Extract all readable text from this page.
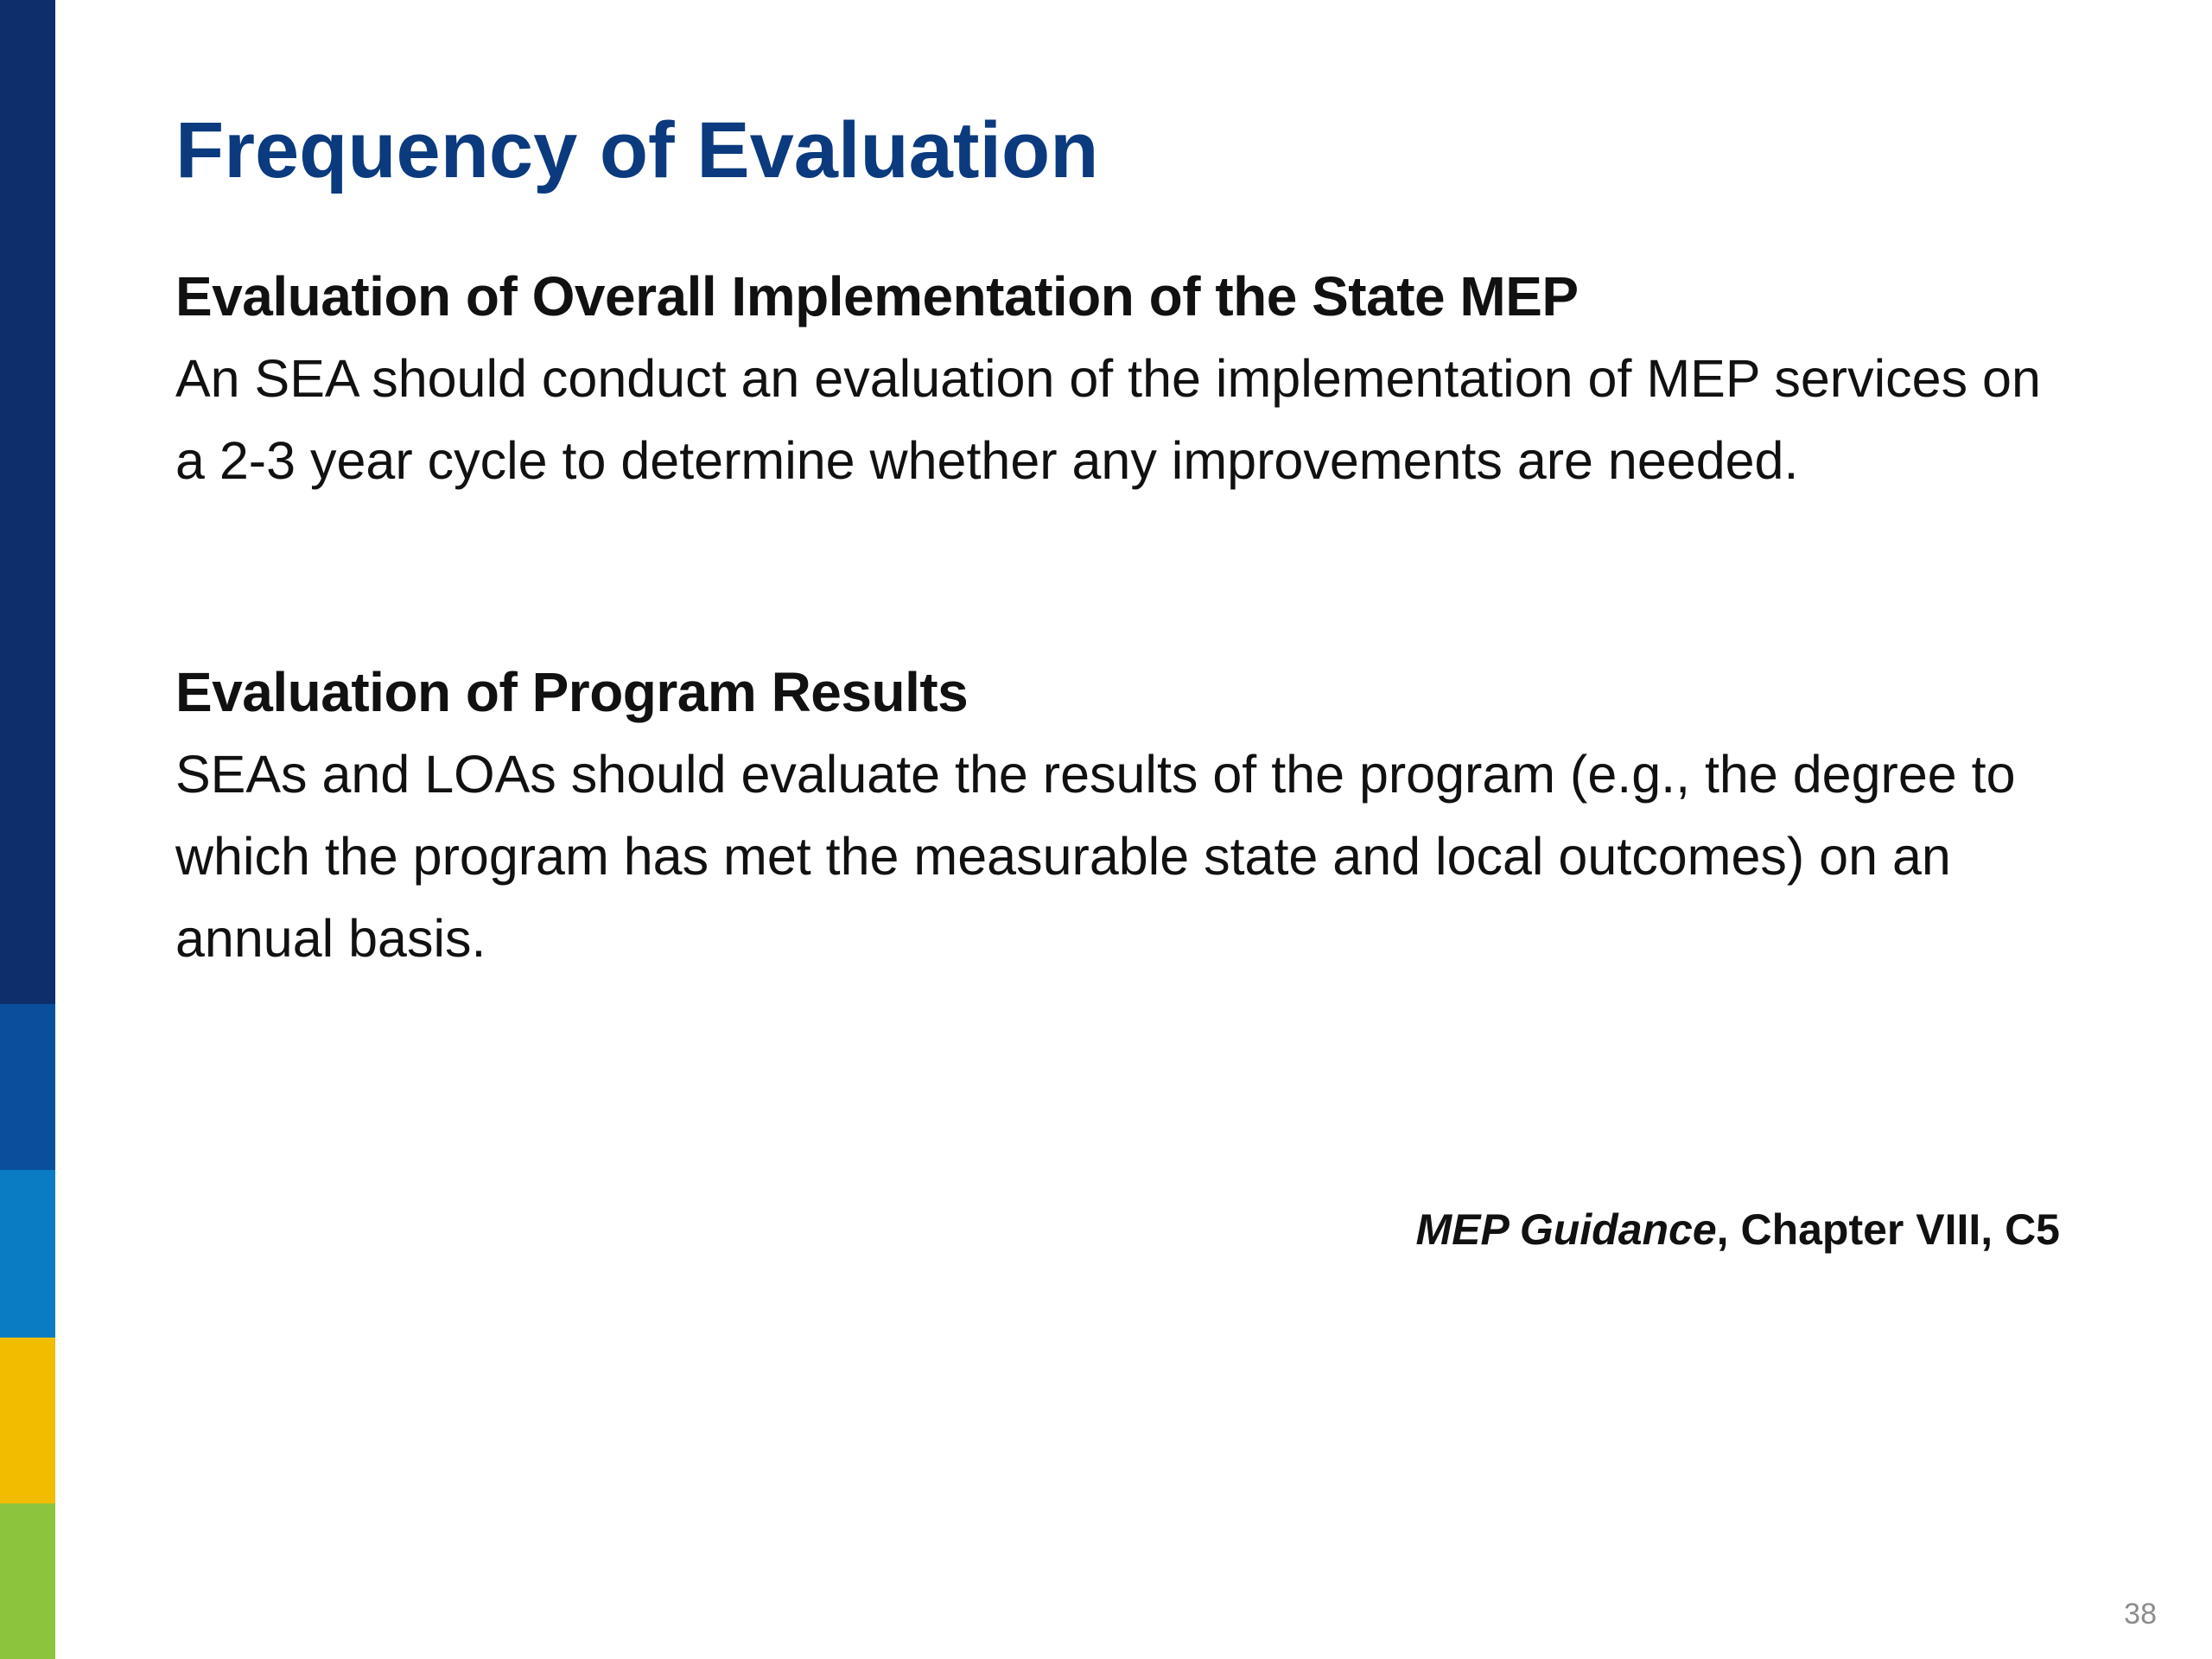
Frequency of Evaluation
Evaluation of Overall Implementation of the State MEP

An SEA should conduct an evaluation of the implementation of MEP services on a 2-3 year cycle to determine whether any improvements are needed.

Evaluation of Program Results

SEAs and LOAs should evaluate the results of the program (e.g., the degree to which the program has met the measurable state and local outcomes) on an annual basis.

MEP Guidance, Chapter VIII, C5
38
